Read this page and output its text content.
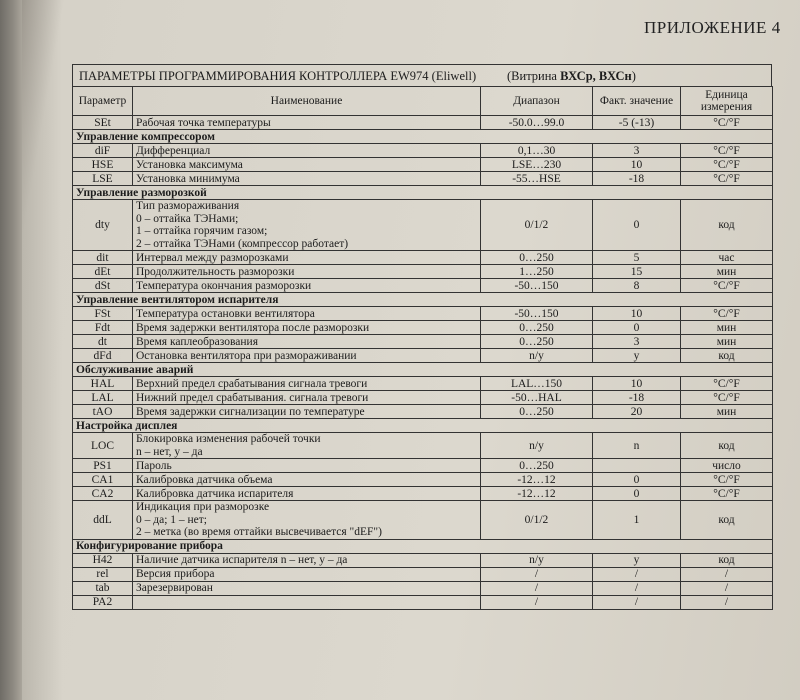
ПРИЛОЖЕНИЕ 4
ПАРАМЕТРЫ ПРОГРАММИРОВАНИЯ КОНТРОЛЛЕРА EW974 (Eliwell) (Витрина ВХСр, ВХСн)
Параметр	Наименование	Диапазон	Факт. значение	Единица измерения
SEt	Рабочая точка температуры	-50.0…99.0	-5 (-13)	°C/°F
Управление компрессором				
diF	Дифференциал	0,1…30	3	°C/°F
HSE	Установка максимума	LSE…230	10	°C/°F
LSE	Установка минимума	-55…HSE	-18	°C/°F
Управление разморозкой				
dty	Тип размораживания
0 – оттайка ТЭНами;
1 – оттайка горячим газом;
2 – оттайка ТЭНами (компрессор работает)	0/1/2	0	код
dit	Интервал между разморозками	0…250	5	час
dEt	Продолжительность разморозки	1…250	15	мин
dSt	Температура окончания разморозки	-50…150	8	°C/°F
Управление вентилятором испарителя				
FSt	Температура остановки вентилятора	-50…150	10	°C/°F
Fdt	Время задержки вентилятора после разморозки	0…250	0	мин
dt	Время каплеобразования	0…250	3	мин
dFd	Остановка вентилятора при размораживании	n/y	y	код
Обслуживание аварий				
HAL	Верхний предел срабатывания сигнала тревоги	LAL…150	10	°C/°F
LAL	Нижний предел срабатывания. сигнала тревоги	-50…HAL	-18	°C/°F
tAO	Время задержки сигнализации по температуре	0…250	20	мин
Настройка дисплея				
LOC	Блокировка изменения рабочей точки
n – нет, y – да	n/y	n	код
PS1	Пароль	0…250		число
CA1	Калибровка датчика объема	-12…12	0	°C/°F
CA2	Калибровка датчика испарителя	-12…12	0	°C/°F
ddL	Индикация при разморозке
0 – да; 1 – нет;
2 – метка (во время оттайки высвечивается "dEF")	0/1/2	1	код
Конфигурирование прибора				
H42	Наличие датчика испарителя n – нет, y – да	n/y	y	код
rel	Версия прибора	/	/	/
tab	Зарезервирован	/	/	/
PA2		/	/	/
